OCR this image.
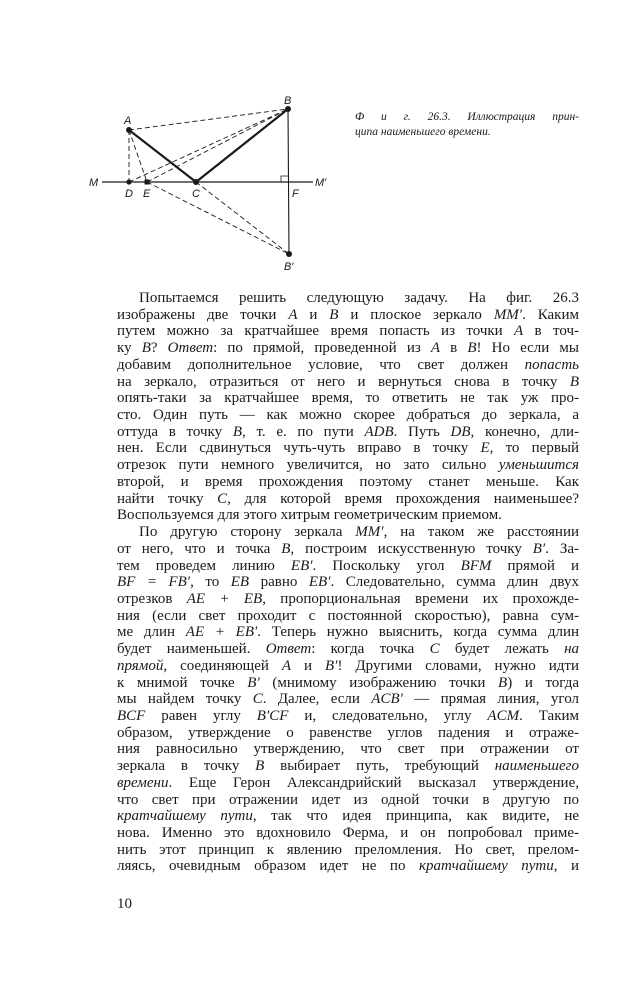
A
B
M
D E	C	F
M′
B′
Ф и г. 26.3. Иллюстрация прин-
ципа наименьшего времени.
Попытаемся решить следующую задачу. На фиг. 26.3
изображены две точки A и B и плоское зеркало MM′. Каким
путем можно за кратчайшее время попасть из точки A в точ-
ку B? Ответ: по прямой, проведенной из A в B! Но если мы
добавим дополнительное условие, что свет должен попасть
на зеркало, отразиться от него и вернуться снова в точку B
опять-таки за кратчайшее время, то ответить не так уж про-
сто. Один путь — как можно скорее добраться до зеркала, а
оттуда в точку B, т. е. по пути ADB. Путь DB, конечно, дли-
нен. Если сдвинуться чуть-чуть вправо в точку E, то первый
отрезок пути немного увеличится, но зато сильно уменьшится
второй, и время прохождения поэтому станет меньше. Как
найти точку C, для которой время прохождения наименьшее?
Воспользуемся для этого хитрым геометрическим приемом.
По другую сторону зеркала MM′, на таком же расстоянии
от него, что и точка B, построим искусственную точку B′. За-
тем проведем линию EB′. Поскольку угол BFM прямой и
BF = FB′, то EB равно EB′. Следовательно, сумма длин двух
отрезков AE + EB, пропорциональная времени их прохожде-
ния (если свет проходит с постоянной скоростью), равна сум-
ме длин AE + EB′. Теперь нужно выяснить, когда сумма длин
будет наименьшей. Ответ: когда точка C будет лежать на
прямой, соединяющей A и B′! Другими словами, нужно идти
к мнимой точке B′ (мнимому изображению точки B) и тогда
мы найдем точку C. Далее, если ACB′ — прямая линия, угол
BCF равен углу B′CF и, следовательно, углу ACM. Таким
образом, утверждение о равенстве углов падения и отраже-
ния равносильно утверждению, что свет при отражении от
зеркала в точку B выбирает путь, требующий наименьшего
времени. Еще Герон Александрийский высказал утверждение,
что свет при отражении идет из одной точки в другую по
кратчайшему пути, так что идея принципа, как видите, не
нова. Именно это вдохновило Ферма, и он попробовал приме-
нить этот принцип к явлению преломления. Но свет, прелом-
ляясь, очевидным образом идет не по кратчайшему пути, и
10
